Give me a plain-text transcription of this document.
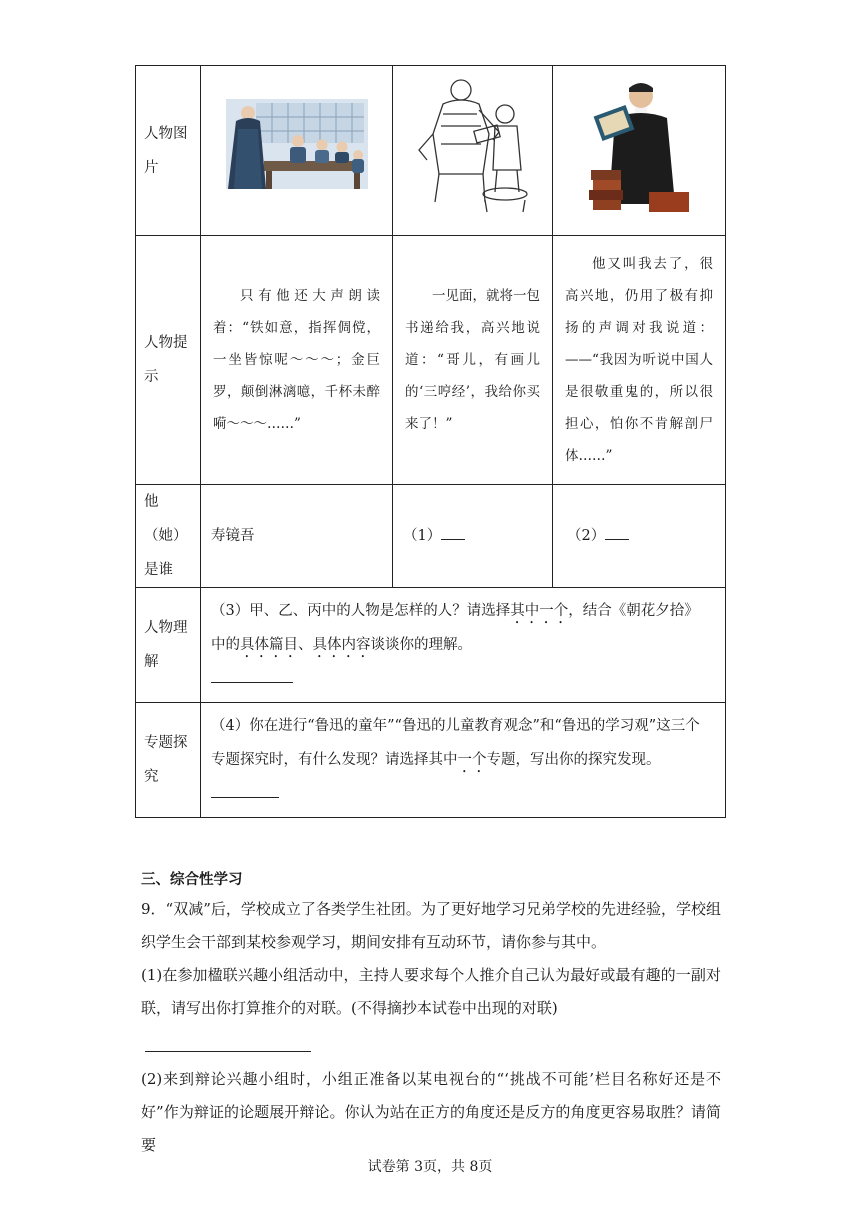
人物图片			
人物提示	只有他还大声朗读着：“铁如意，指挥倜傥，一坐皆惊呢～～～；金巨罗，颠倒淋漓噫，千杯未醉嗬～～～……”	一见面，就将一包书递给我，高兴地说道：“哥儿，有画儿的‘三哼经’，我给你买来了！”	他又叫我去了，很高兴地，仍用了极有抑扬的声调对我说道：——“我因为听说中国人是很敬重鬼的，所以很担心，怕你不肯解剖尸体……”

他（她）是谁	寿镜吾	（1）	（2）
人物理解	（3）甲、乙、丙中的人物是怎样的人？请选择其中一个，结合《朝花夕拾》中的具体篇目、具体内容谈谈你的理解。		

专题探究	（4）你在进行“鲁迅的童年”“鲁迅的儿童教育观念”和“鲁迅的学习观”这三个专题探究时，有什么发现？请选择其中一个专题，写出你的探究发现。		

三、综合性学习
9．“双减”后，学校成立了各类学生社团。为了更好地学习兄弟学校的先进经验，学校组织学生会干部到某校参观学习，期间安排有互动环节，请你参与其中。
(1)在参加楹联兴趣小组活动中，主持人要求每个人推介自己认为最好或最有趣的一副对联，请写出你打算推介的对联。(不得摘抄本试卷中出现的对联)
(2)来到辩论兴趣小组时，小组正准备以某电视台的“‘挑战不可能’栏目名称好还是不好”作为辩证的论题展开辩论。你认为站在正方的角度还是反方的角度更容易取胜？请简要
试卷第 3页，共 8页
